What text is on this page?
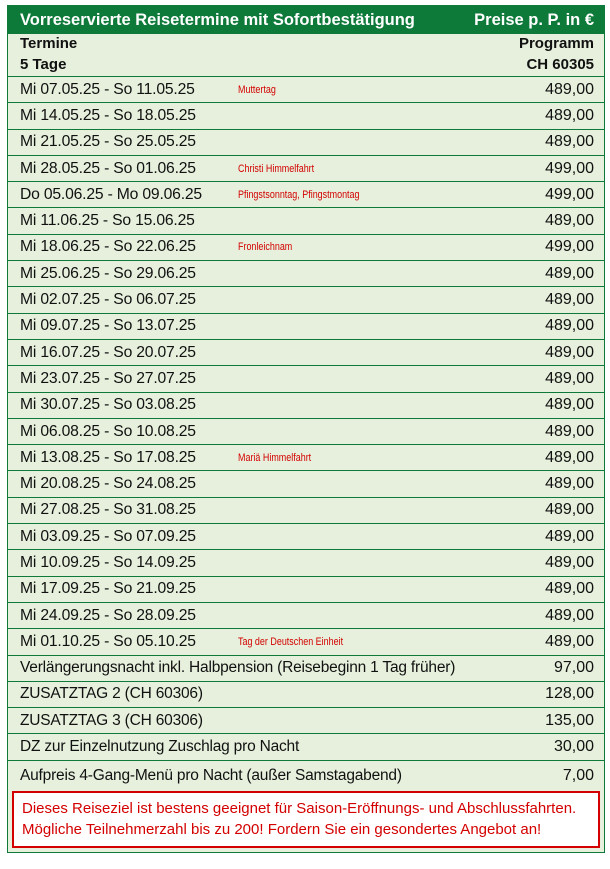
Vorreservierte Reisetermine mit Sofortbestätigung	Preise p. P. in €
Termine	Programm
5 Tage	CH 60305
Mi 07.05.25 - So 11.05.25	Muttertag	489,00
Mi 14.05.25 - So 18.05.25	489,00
Mi 21.05.25 - So 25.05.25	489,00
Mi 28.05.25 - So 01.06.25	Christi Himmelfahrt	499,00
Do 05.06.25 - Mo 09.06.25	Pfingstsonntag, Pfingstmontag	499,00
Mi 11.06.25 - So 15.06.25	489,00
Mi 18.06.25 - So 22.06.25	Fronleichnam	499,00
Mi 25.06.25 - So 29.06.25	489,00
Mi 02.07.25 - So 06.07.25	489,00
Mi 09.07.25 - So 13.07.25	489,00
Mi 16.07.25 - So 20.07.25	489,00
Mi 23.07.25 - So 27.07.25	489,00
Mi 30.07.25 - So 03.08.25	489,00
Mi 06.08.25 - So 10.08.25	489,00
Mi 13.08.25 - So 17.08.25	Mariä Himmelfahrt	489,00
Mi 20.08.25 - So 24.08.25	489,00
Mi 27.08.25 - So 31.08.25	489,00
Mi 03.09.25 - So 07.09.25	489,00
Mi 10.09.25 - So 14.09.25	489,00
Mi 17.09.25 - So 21.09.25	489,00
Mi 24.09.25 - So 28.09.25	489,00
Mi 01.10.25 - So 05.10.25	Tag der Deutschen Einheit	489,00
Verlängerungsnacht inkl. Halbpension (Reisebeginn 1 Tag früher)	97,00
ZUSATZTAG 2 (CH 60306)	128,00
ZUSATZTAG 3 (CH 60306)	135,00
DZ zur Einzelnutzung Zuschlag pro Nacht	30,00
Aufpreis 4-Gang-Menü pro Nacht (außer Samstagabend)	7,00
Dieses Reiseziel ist bestens geeignet für Saison-Eröffnungs- und Abschlussfahrten. Mögliche Teilnehmerzahl bis zu 200! Fordern Sie ein gesondertes Angebot an!
